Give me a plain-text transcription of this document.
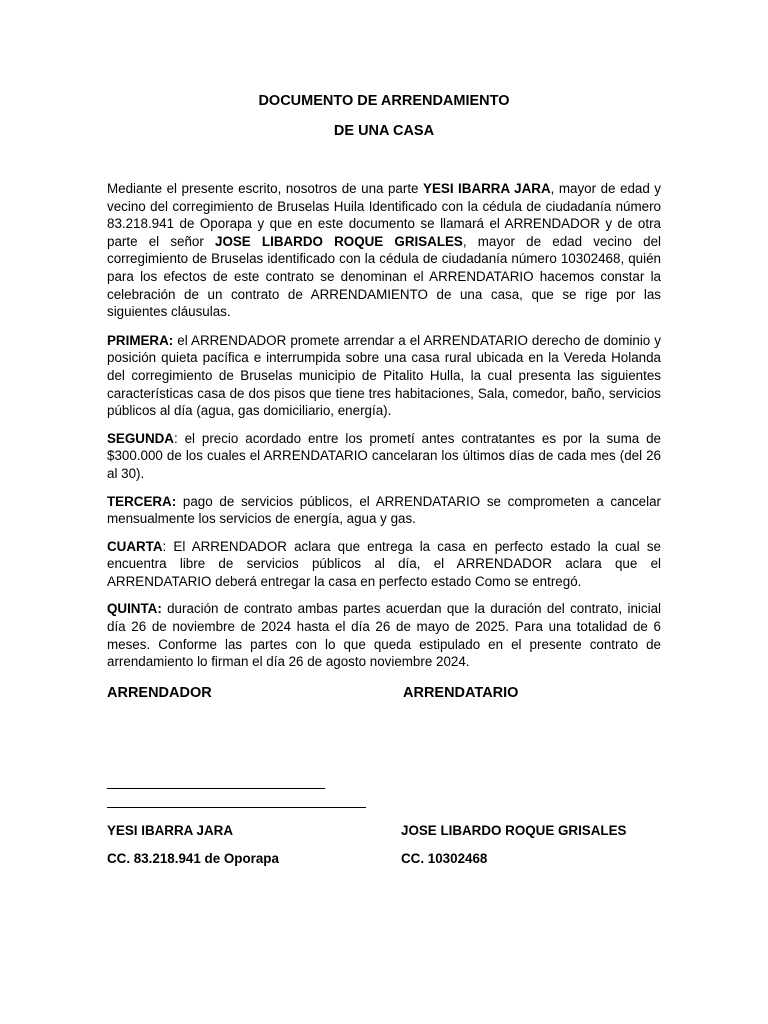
DOCUMENTO DE ARRENDAMIENTO
DE UNA CASA

Mediante el presente escrito, nosotros de una parte YESI IBARRA JARA, mayor de edad y vecino del corregimiento de Bruselas Huila Identificado con la cédula de ciudadanía número 83.218.941 de Oporapa y que en este documento se llamará el ARRENDADOR y de otra parte el señor JOSE LIBARDO ROQUE GRISALES, mayor de edad vecino del corregimiento de Bruselas identificado con la cédula de ciudadanía número 10302468, quién para los efectos de este contrato se denominan el ARRENDATARIO hacemos constar la celebración de un contrato de ARRENDAMIENTO de una casa, que se rige por las siguientes cláusulas.

PRIMERA: el ARRENDADOR promete arrendar a el ARRENDATARIO derecho de dominio y posición quieta pacífica e interrumpida sobre una casa rural ubicada en la Vereda Holanda del corregimiento de Bruselas municipio de Pitalito Hulla, la cual presenta las siguientes características casa de dos pisos que tiene tres habitaciones, Sala, comedor, baño, servicios públicos al día (agua, gas domiciliario, energía).

SEGUNDA: el precio acordado entre los prometí antes contratantes es por la suma de $300.000 de los cuales el ARRENDATARIO cancelaran los últimos días de cada mes (del 26 al 30).

TERCERA: pago de servicios públicos, el ARRENDATARIO se comprometen a cancelar mensualmente los servicios de energía, agua y gas.

CUARTA: El ARRENDADOR aclara que entrega la casa en perfecto estado la cual se encuentra libre de servicios públicos al día, el ARRENDADOR aclara que el ARRENDATARIO deberá entregar la casa en perfecto estado Como se entregó.

QUINTA: duración de contrato ambas partes acuerdan que la duración del contrato, inicial día 26 de noviembre de 2024 hasta el día 26 de mayo de 2025. Para una totalidad de 6 meses. Conforme las partes con lo que queda estipulado en el presente contrato de arrendamiento lo firman el día 26 de agosto noviembre 2024.

ARRENDADOR	ARRENDATARIO
YESI IBARRA JARA	JOSE LIBARDO ROQUE GRISALES
CC. 83.218.941 de Oporapa	CC. 10302468
